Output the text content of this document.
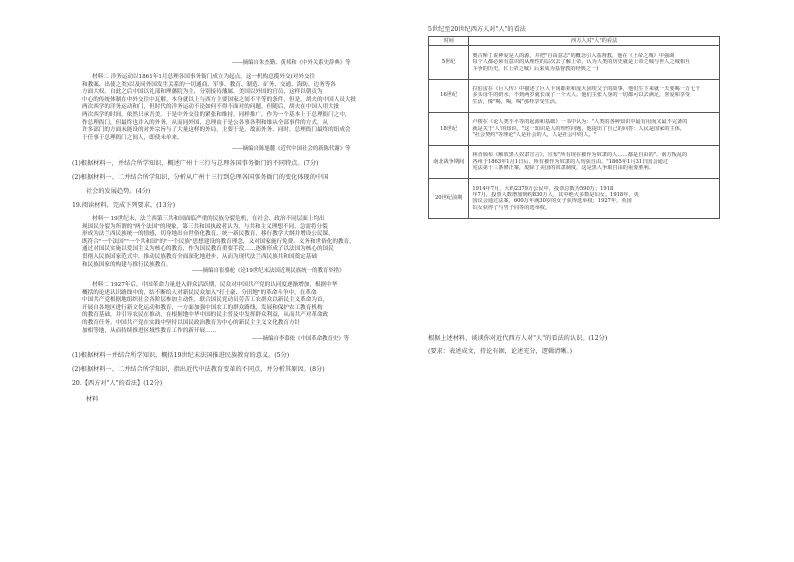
——摘编自朱杰勤、黄邦和《中外关系史辞典》等
材料二 洋务运动以1861年1月总理各国事务衙门成立为起点。这一机构总揽外交(对外交往
和教案、出使之类)以及同外国发生关系的一切通商、军事、教育、制造、矿务、交通、海防、边务等各
方面大权。自此之后中国以礼部和理藩院为主，分别接待藩属、美国以外国的官员，这样以朝贡为
中心的传统体制在中外交往中瓦解。本身就以上与西方主要国家之间不平等的条件，但是，胡夫的中国人员大批
两次西学的洋务运动和门，但时代的洋务运动不论如何不得不面对的问题。但随后，胡夫在中国人用大批
两次西学的时间，依然只承吾美。于是中外交往的紧张和维持，同样推广，作为一个基本上于总理衙门之中，
作总理衙门，但最终也并入的外务，从而同外国，总理由于是公各事各利和维从全部事件的方式，从
许多部门的方面未能设的对外宗旨与了大量这样的外局，主要于是，故而外务、同时，总理衙门最终的组成会
于任事于总理衙门之间人，即使未单来。
——摘编自陈旭麓《近代中国社会的新陈代谢》等
(1)根据材料一，并结合所学知识，概述广州十三行与总理各国事务衙门的不同特点。(7分)
(2)根据材料一、二并结合所学知识，分析从广州十三行到总理各国事务衙门的变化体现的中国
社会的发展趋势。(4分)
19.阅读材料，完成下列要求。(13分)
材料一 19世纪末，法兰西第三共和国面临严重的民族分裂危机，在社会、政治不同层面上均出
现国民分裂为所谓的"两个法国"的现象，第三共和国执政者认为，与共和主义理想不同，急需将分裂
形成为法兰西民族统一的情感，切身地出台世俗化教育。统一新民教育，移行教学大纲并增设公民课，
既符合"一个法国""一个共和国"的"一个民族"思想建设的教育理念，又对国家施行免费、义务和世俗化的教育，
通过对国民实施以爱国主义为核心的教育，作为国民教育重要手段……逐渐形成了以法国为核心的国民
贯彻入民族国家范式中，推动民族教育全面深化地进步，从而为现代法兰西民族共和国奠定基础
和民族国家的构建与推行民族教育。
——摘编自崔骆驼《论19世纪末法国近现民族统一的教育举措》
材料二 1927年后，中国革命力量进入群众活跃期，民众对中国共产党的认同度逐渐增加，根据中华
概括的论述认识路线中的，结不断给人对新民民众加入"打土豪、分田地"的革命斗争中，在革命
中国共产党根据地组织社会各阶层参加主动性，联合国民党动员劳苦工农群众以新民主义革命为首，
开展自各地区进行新文化运动和教育，一方面加强中国农工的群众路线、发展和保护农工教育机构
的教育基础，并引导农民在推动，在根据地中华中国的民主普及中发挥群众利益，从而共产对革命政
的教育任务。中国共产党在实践中坚持以国民政治教育为中心的新民主主义文化教育方针
加相等地，从而持续推进区域性教育工作的新开展……
——摘编自李慕依《中国革命教育史》等
(1)根据材料一并结合所学知识，概括19世纪末法国推进民族教育的意义。(5分)
(2)根据材料一、二并结合所学知识，指出近代中法教育变革的不同点，并分析其原因。(8分)
20.【西方对"人"的看法】(12分)
材料
5世纪至20世纪西方人对"人"的看法
时间	西方人对"人"的看法
5世纪	奥古斯丁说神爱是人的源，并把"自由意志"的概念引入基督教，他在《上帝之城》中强调

每个人都必须有意识的从理性的层次去了解上帝，认为人类的历史就是上帝之城与世人之城相互

斗争的历史。(《上帝之城》后来成为基督教的经典之一)

16世纪	拉伯雷在《巨人传》中描述了巨人卡冈都亚和庞大固埃父子的故事，他们生下来就一天要喝一万七千

多头母牛的奶水，不到两岁就长成了一个大人。他们主张人身的一切都可以去满足，喜爱和享受

生活，像"喝，喝，喝"那样享受生活。

18世纪	卢梭在《论人类不平等的起源和基础》一书中认为："人类的各种知识中最有用而又最不完备的

就是关于'人'的知识。"这一知识是人的理性问题，他提出了自己的回答：人民是国家的主体,

"社会契约"等理论"人是社会的人，人是社会中的人。"

南北战争期间	林肯颁布《解放黑人奴隶宣言》，宣布"所有现在被作为奴隶的人……都是自由的"，南方叛乱的

各州于1863年1月1日后，所有被作为奴隶的人均获自由。"1865年1月31日国会通过

宪法第十三条修正案，废除了美国的奴隶制度，这是黑人争取自由的重要胜利。

20世纪前期	1914年7月，大约2379万公民中，投票总数为590万；1918

年7月，投票人数增加到约830万人，其中绝大多数是妇女。1918年，英

国议会通过法案，600万年满30岁的女子获得选举权；1927年，英国

妇女获得了与男子同等的选举权。

根据上述材料，谈谈你对近代西方人对"人"的看法的认识。(12分)
(要求：表述成文，持论有据，论述充分，逻辑清晰。)
